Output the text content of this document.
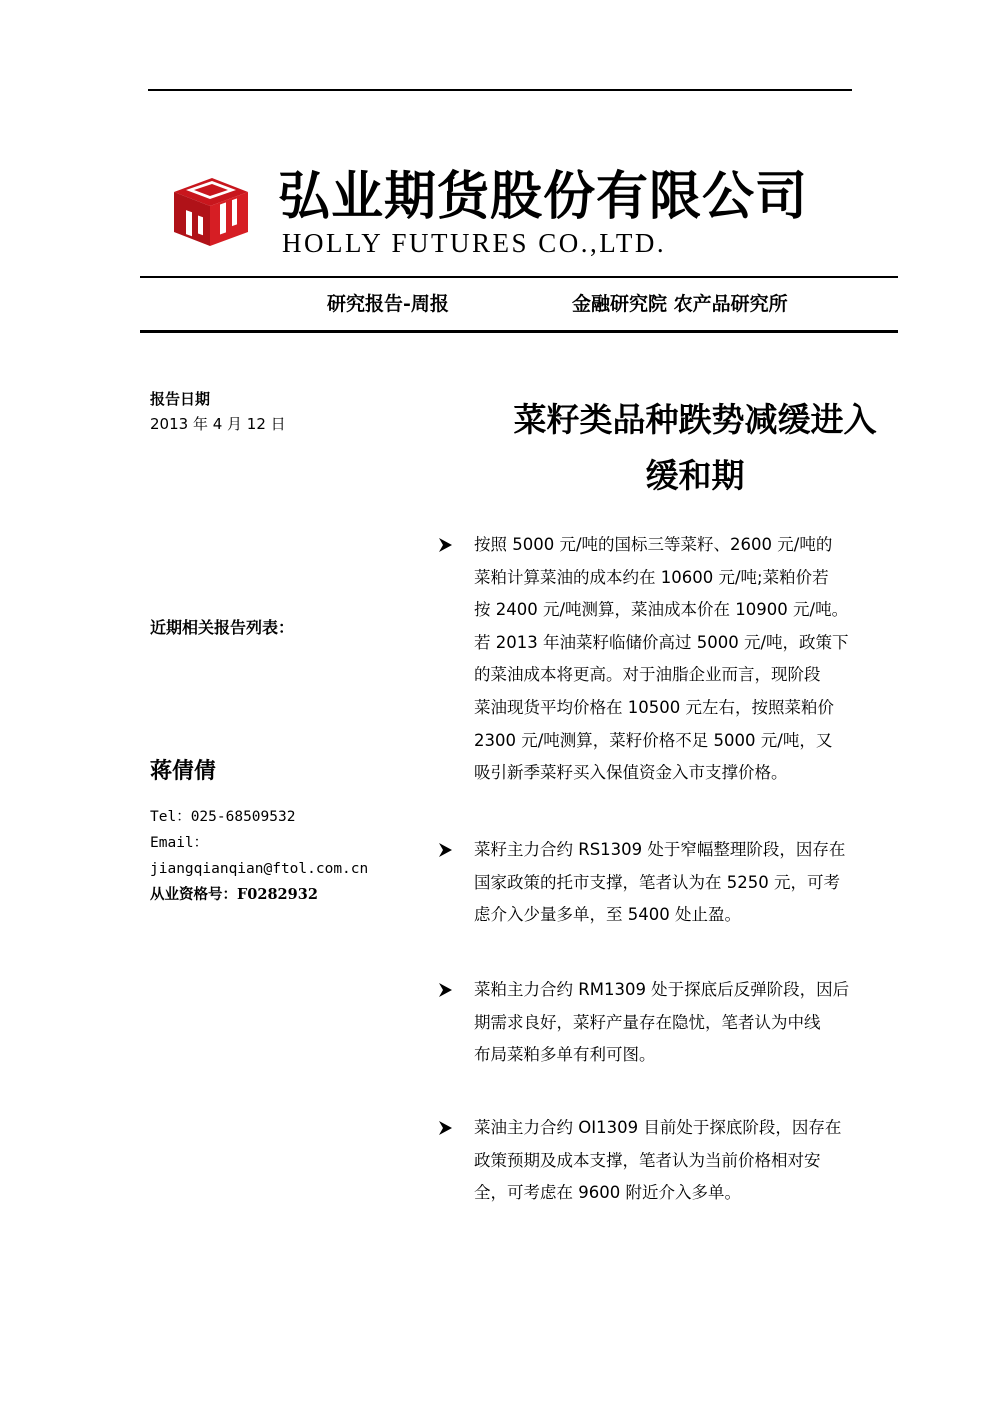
弘业期货股份有限公司
HOLLY FUTURES CO.,LTD.
研究报告-周报	金融研究院 农产品研究所
报告日期
2013 年 4 月 12 日
近期相关报告列表：
蒋倩倩
Tel：025-68509532
Email：
jiangqianqian@ftol.com.cn
从业资格号：F0282932
菜籽类品种跌势减缓进入
缓和期
按照 5000 元/吨的国标三等菜籽、2600 元/吨的
菜粕计算菜油的成本约在 10600 元/吨;菜粕价若
按 2400 元/吨测算，菜油成本价在 10900 元/吨。
若 2013 年油菜籽临储价高过 5000 元/吨，政策下
的菜油成本将更高。对于油脂企业而言，现阶段
菜油现货平均价格在 10500 元左右，按照菜粕价
2300 元/吨测算，菜籽价格不足 5000 元/吨，又
吸引新季菜籽买入保值资金入市支撑价格。
菜籽主力合约 RS1309 处于窄幅整理阶段，因存在
国家政策的托市支撑，笔者认为在 5250 元，可考
虑介入少量多单，至 5400 处止盈。
菜粕主力合约 RM1309 处于探底后反弹阶段，因后
期需求良好，菜籽产量存在隐忧，笔者认为中线
布局菜粕多单有利可图。
菜油主力合约 OI1309 目前处于探底阶段，因存在
政策预期及成本支撑，笔者认为当前价格相对安
全，可考虑在 9600 附近介入多单。
